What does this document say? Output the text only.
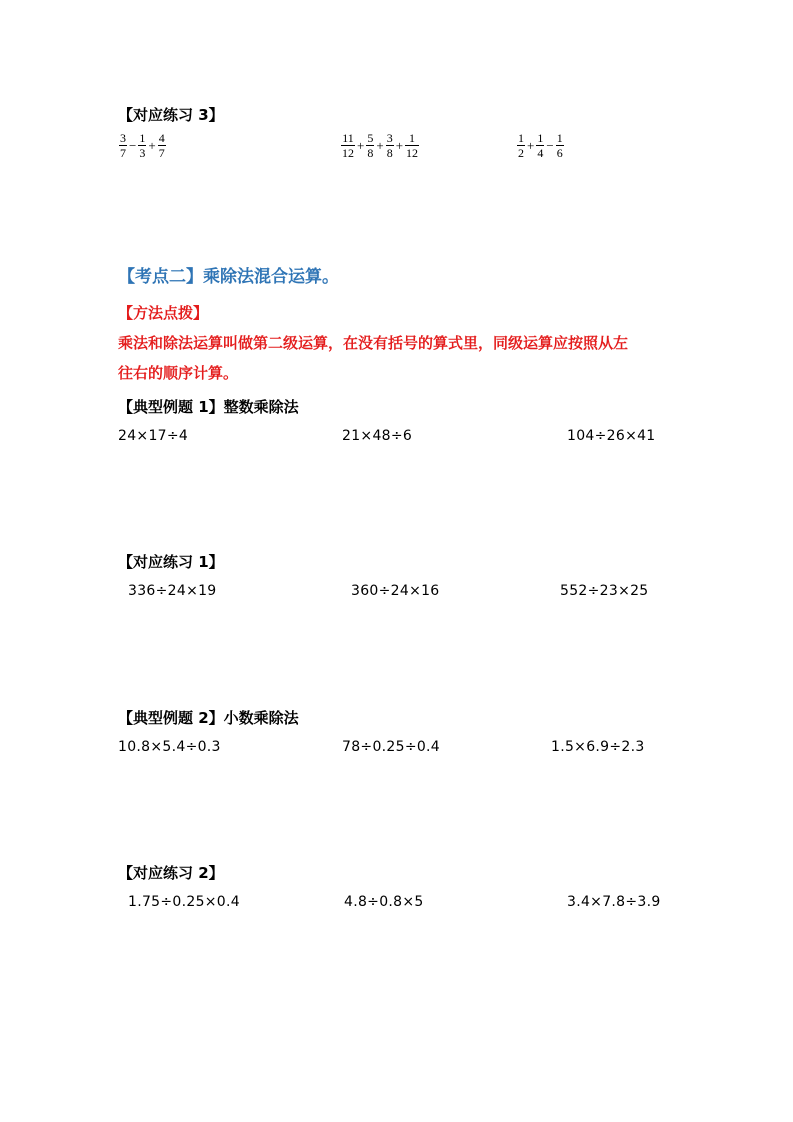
【对应练习 3】
$\frac{3}{7} - \frac{1}{3} + \frac{4}{7}$	$\frac{11}{12} + \frac{5}{8} + \frac{3}{8} + \frac{1}{12}$	$\frac{1}{2} + \frac{1}{4} - \frac{1}{6}$
【考点二】乘除法混合运算。
【方法点拨】
乘法和除法运算叫做第二级运算，在没有括号的算式里，同级运算应按照从左
往右的顺序计算。
【典型例题 1】整数乘除法
24×17÷4	21×48÷6	104÷26×41
【对应练习 1】
336÷24×19	360÷24×16	552÷23×25
【典型例题 2】小数乘除法
10.8×5.4÷0.3	78÷0.25÷0.4	1.5×6.9÷2.3
【对应练习 2】
1.75÷0.25×0.4	4.8÷0.8×5	3.4×7.8÷3.9
